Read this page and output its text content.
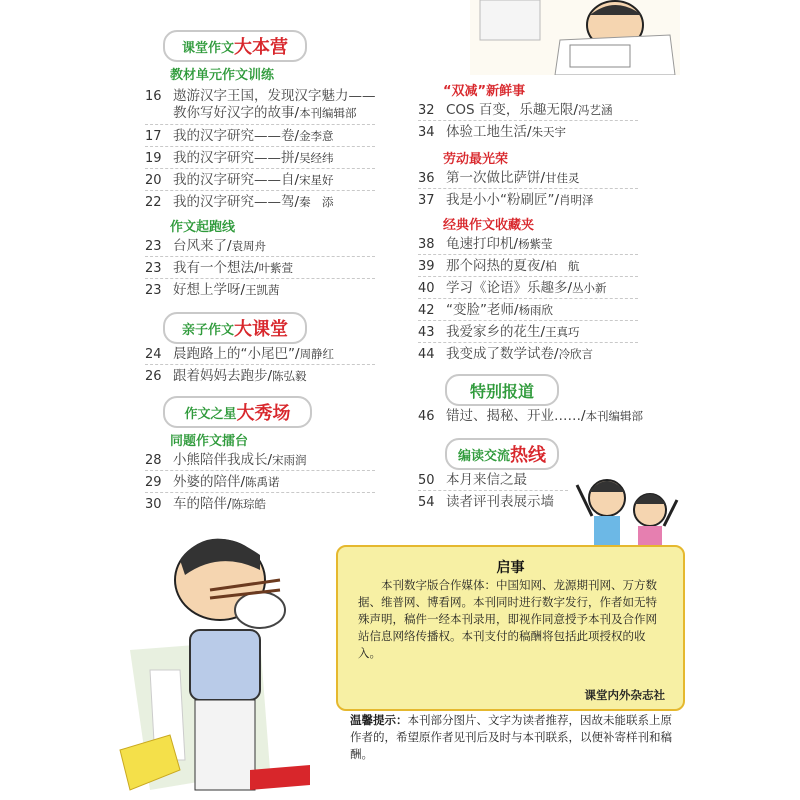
课堂作文 大本营
教材单元作文训练
16 遨游汉字王国，发现汉字魅力——
教你写好汉字的故事 / 本刊编辑部
17 我的汉字研究——卷 / 金李意
19 我的汉字研究——拼 / 吴经纬
20 我的汉字研究——自 / 宋星好
22 我的汉字研究——驾 / 秦　添
作文起跑线
23 台风来了 / 袁周舟
23 我有一个想法 / 叶紫萱
23 好想上学呀 / 王凯茜
亲子作文 大课堂
24 晨跑路上的“小尾巴” / 周静红
26 跟着妈妈去跑步 / 陈弘毅
作文之星 大秀场
同题作文擂台
28 小熊陪伴我成长 / 宋雨润
29 外婆的陪伴 / 陈禹诺
30 车的陪伴 / 陈琮皓
“双减”新鲜事
32 COS 百变，乐趣无限 / 冯艺涵
34 体验工地生活 / 朱天宇
劳动最光荣
36 第一次做比萨饼 / 甘佳灵
37 我是小小“粉刷匠” / 肖明泽
经典作文收藏夹
38 龟速打印机 / 杨紫莹
39 那个闷热的夏夜 / 柏　航
40 学习《论语》乐趣多 / 丛小新
42 “变脸”老师 / 杨雨欣
43 我爱家乡的花生 / 王真巧
44 我变成了数学试卷 / 冷欣言
特别报道
46 错过、揭秘、开业…… / 本刊编辑部
编读交流 热线
50 本月来信之最
54 读者评刊表展示墙
启事
本刊数字版合作媒体：中国知网、龙源期刊网、万方数据、维普网、博看网。本刊同时进行数字发行，作者如无特殊声明，稿件一经本刊录用，即视作同意授予本刊及合作网站信息网络传播权。本刊支付的稿酬将包括此项授权的收入。
课堂内外杂志社
温馨提示：本刊部分图片、文字为读者推荐，因故未能联系上原作者的，希望原作者见刊后及时与本刊联系，以便补寄样刊和稿酬。
